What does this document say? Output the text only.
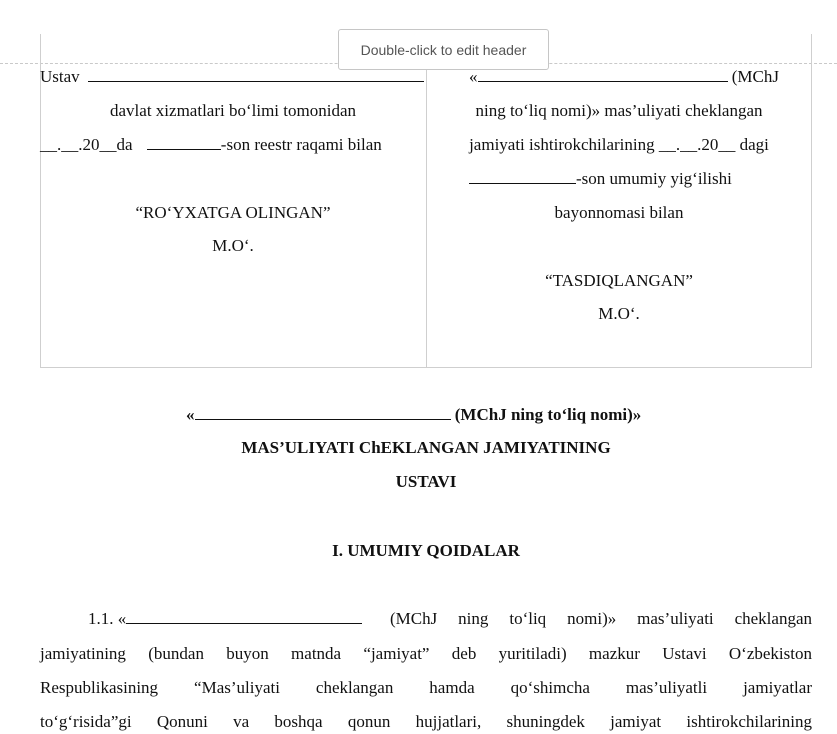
Double-click to edit header
Ustav
davlat xizmatlari bo‘limi tomonidan
__.__.20__da	-son reestr raqami bilan
“RO‘YXATGA OLINGAN”
M.O‘.
«	(MChJ
ning to‘liq nomi)» mas’uliyati cheklangan
jamiyati ishtirokchilarining __.__.20__ dagi
-son umumiy yig‘ilishi
bayonnomasi bilan
“TASDIQLANGAN”
M.O‘.
«	(MChJ ning to‘liq nomi)»
MAS’ULIYATI ChEKLANGAN JAMIYATINING
USTAVI
I. UMUMIY QOIDALAR
1.1. «	(MChJ ning to‘liq nomi)» mas’uliyati cheklangan
jamiyatining (bundan buyon matnda “jamiyat” deb yuritiladi) mazkur Ustavi O‘zbekiston
Respublikasining “Mas’uliyati cheklangan hamda qo‘shimcha mas’uliyatli jamiyatlar
to‘g‘risida”gi Qonuni va boshqa qonun hujjatlari, shuningdek jamiyat ishtirokchilarining
